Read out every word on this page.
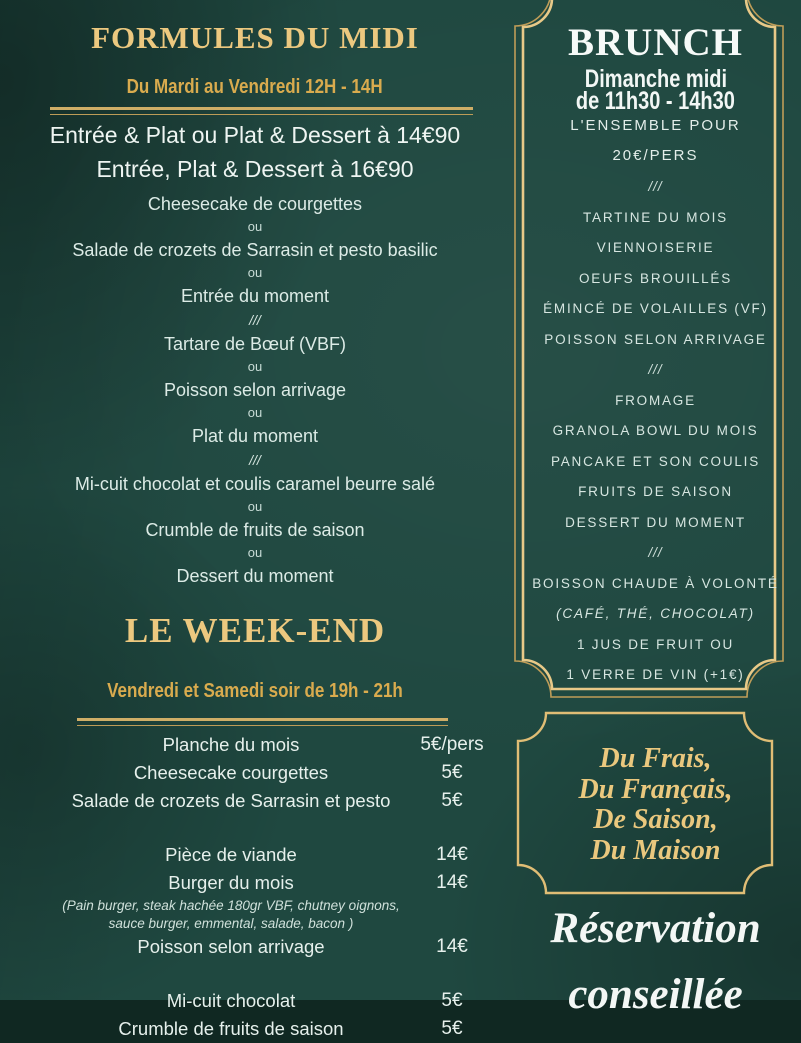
FORMULES DU MIDI
Du Mardi au Vendredi 12H - 14H
Entrée & Plat ou Plat & Dessert à 14€90
Entrée, Plat & Dessert à 16€90
Cheesecake de courgettes
ou
Salade de crozets de Sarrasin et pesto basilic
ou
Entrée du moment
///
Tartare de Bœuf (VBF)
ou
Poisson selon arrivage
ou
Plat du moment
///
Mi-cuit chocolat et coulis caramel beurre salé
ou
Crumble de fruits de saison
ou
Dessert du moment
LE WEEK-END
Vendredi et Samedi soir de 19h - 21h
Planche du mois	5€/pers
Cheesecake courgettes	5€
Salade de crozets de Sarrasin et pesto	5€
Pièce de viande	14€
Burger du mois	14€
(Pain burger, steak hachée 180gr VBF, chutney oignons,
sauce burger, emmental, salade, bacon )
Poisson selon arrivage	14€
Mi-cuit chocolat	5€
Crumble de fruits de saison	5€
BRUNCH
Dimanche midi
de 11h30 - 14h30
L'ENSEMBLE POUR
20€/PERS
///
TARTINE DU MOIS
VIENNOISERIE
OEUFS BROUILLÉS
ÉMINCÉ DE VOLAILLES (VF)
POISSON SELON ARRIVAGE
///
FROMAGE
GRANOLA BOWL DU MOIS
PANCAKE ET SON COULIS
FRUITS DE SAISON
DESSERT DU MOMENT
///
BOISSON CHAUDE À VOLONTÉ
(CAFÉ, THÉ, CHOCOLAT)
1 JUS DE FRUIT OU
1 VERRE DE VIN (+1€)
Du Frais,
Du Français,
De Saison,
Du Maison
Réservation
conseillée
